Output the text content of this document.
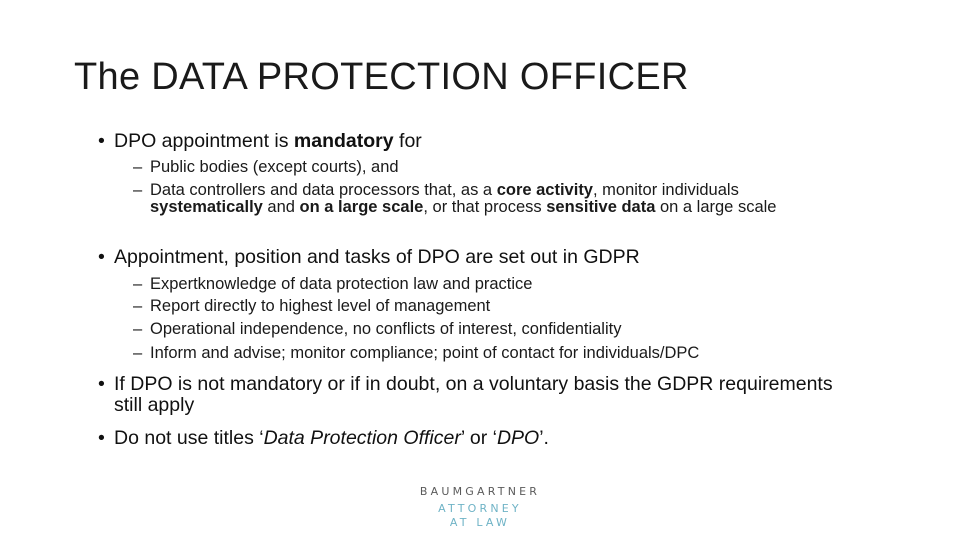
The DATA PROTECTION OFFICER
• DPO appointment is mandatory for
– Public bodies (except courts), and
– Data controllers and data processors that, as a core activity, monitor individuals systematically and on a large scale, or that process sensitive data on a large scale
• Appointment, position and tasks of DPO are set out in GDPR
– Expertknowledge of data protection law and practice
– Report directly to highest level of management
– Operational independence, no conflicts of interest, confidentiality
– Inform and advise; monitor compliance; point of contact for individuals/DPC
• If DPO is not mandatory or if in doubt, on a voluntary basis the GDPR requirements still apply
• Do not use titles ‘Data Protection Officer’ or ‘DPO’.
BAUMGARTNER
ATTORNEY
AT LAW
